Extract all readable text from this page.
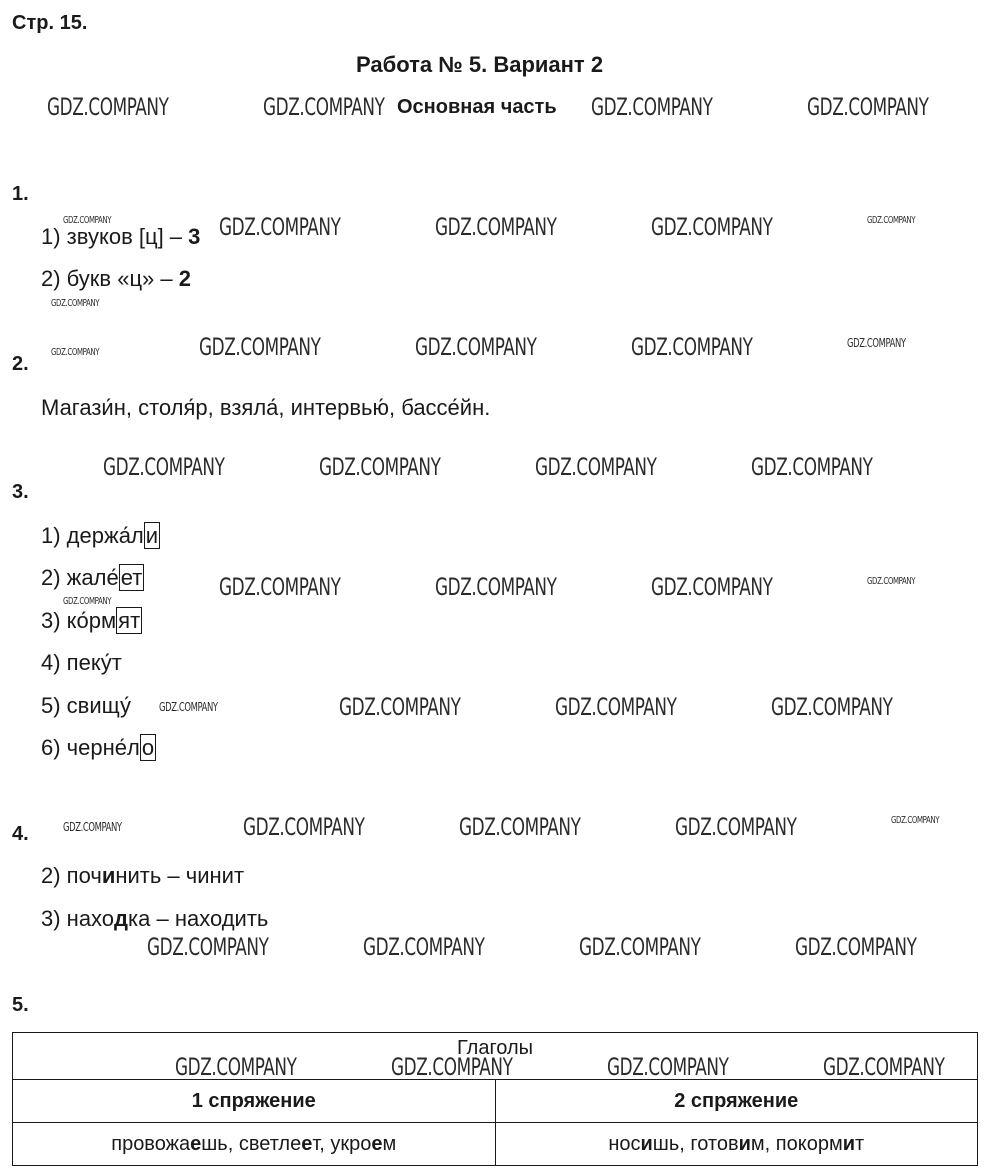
Стр. 15.
Работа № 5. Вариант 2
Основная часть
1.
1) звуков [ц] – 3
2) букв «ц» – 2
2.
Магази́н, столя́р, взяла́, интервью́, бассе́йн.
3.
1) держа́ли
2) жале́ет
3) ко́рмят
4) пеку́т
5) свищу́
6) черне́ло
4.
2) починить – чинит
3) находка – находить
5.
Глаголы	
1 спряжение	2 спряжение
провожаешь, светлеет, укроем	носишь, готовим, покормит
GDZ.COMPANY	GDZ.COMPANY	GDZ.COMPANY	GDZ.COMPANY
GDZ.COMPANY	GDZ.COMPANY	GDZ.COMPANY	GDZ.COMPANY	GDZ.COMPANY
GDZ.COMPANY
GDZ.COMPANY	GDZ.COMPANY	GDZ.COMPANY	GDZ.COMPANY	GDZ.COMPANY
GDZ.COMPANY	GDZ.COMPANY	GDZ.COMPANY	GDZ.COMPANY
GDZ.COMPANY	GDZ.COMPANY	GDZ.COMPANY	GDZ.COMPANY
GDZ.COMPANY
GDZ.COMPANY	GDZ.COMPANY	GDZ.COMPANY	GDZ.COMPANY
GDZ.COMPANY	GDZ.COMPANY	GDZ.COMPANY	GDZ.COMPANY	GDZ.COMPANY
GDZ.COMPANY	GDZ.COMPANY	GDZ.COMPANY	GDZ.COMPANY
GDZ.COMPANY	GDZ.COMPANY	GDZ.COMPANY	GDZ.COMPANY
